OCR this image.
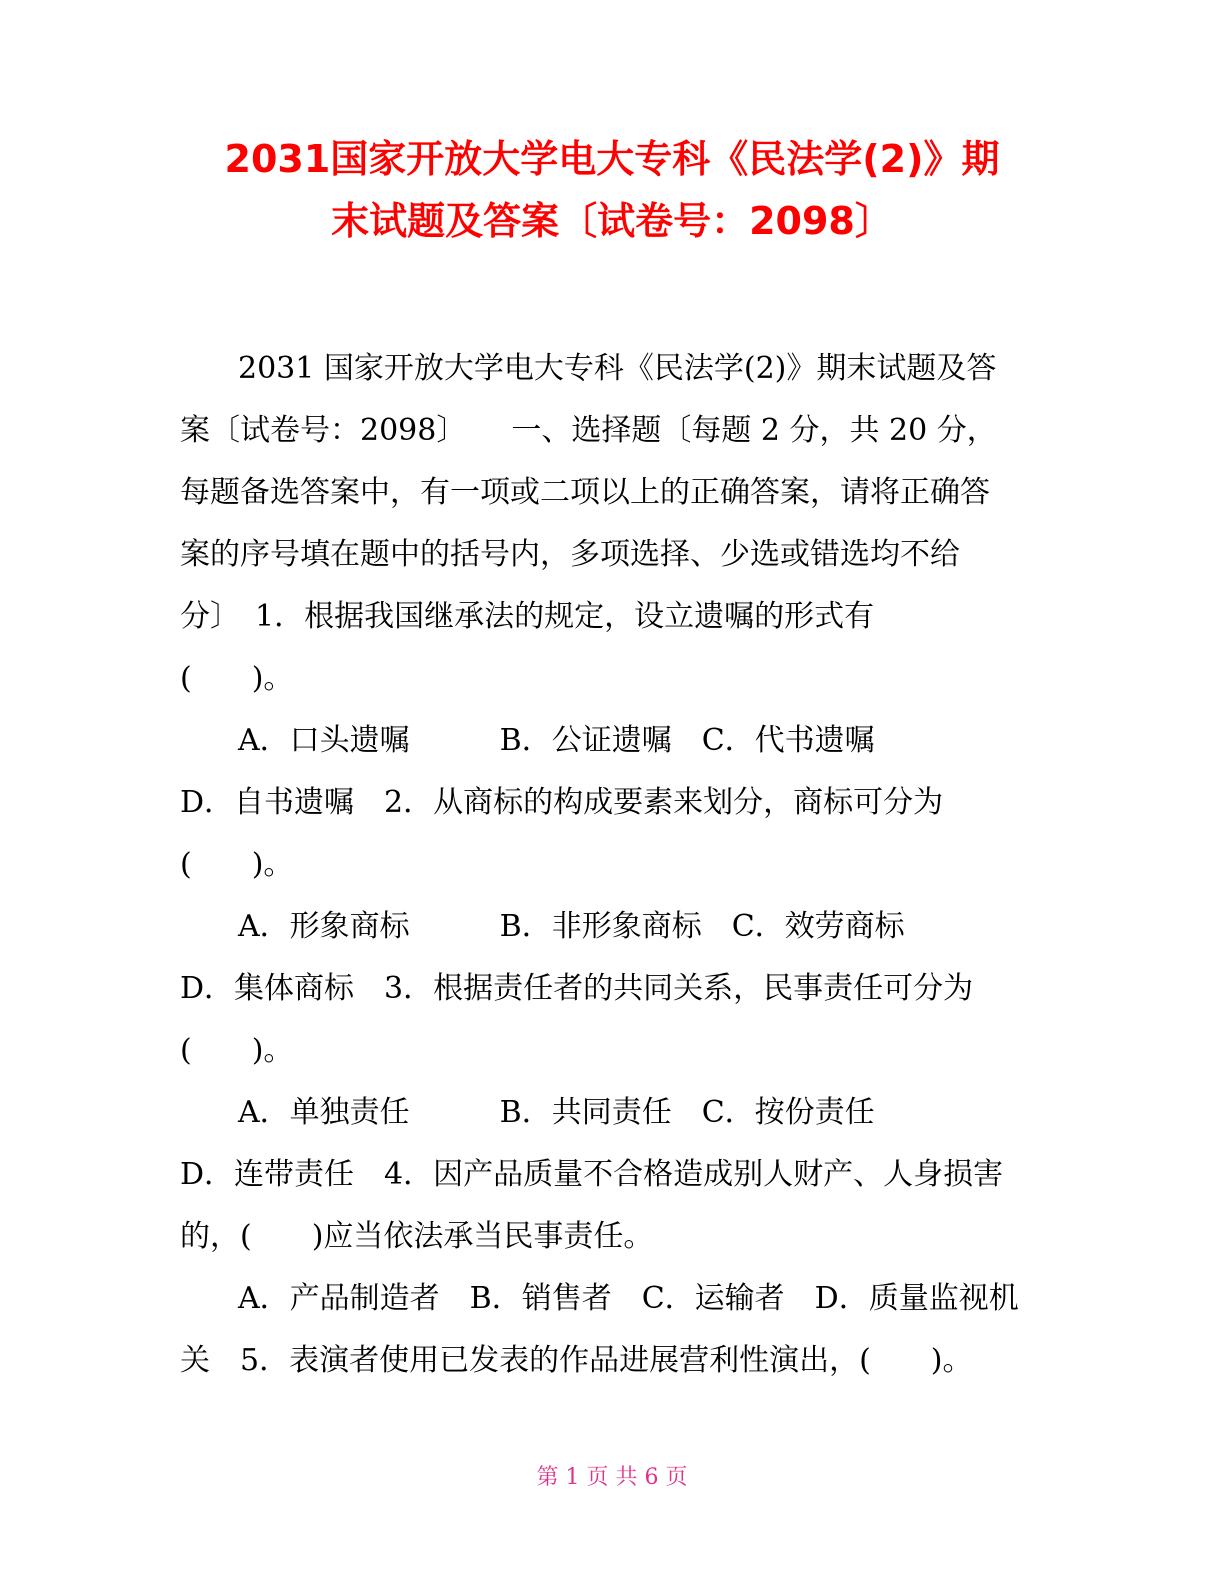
2031国家开放大学电大专科《民法学(2)》期
末试题及答案〔试卷号：2098〕
2031 国家开放大学电大专科《民法学(2)》期末试题及答
案〔试卷号：2098〕　　一、选择题〔每题 2 分，共 20 分，
每题备选答案中，有一项或二项以上的正确答案，请将正确答
案的序号填在题中的括号内，多项选择、少选或错选均不给
分〕　1．根据我国继承法的规定，设立遗嘱的形式有
(　　)。
A．口头遗嘱　　　B．公证遗嘱　C．代书遗嘱
D．自书遗嘱　2．从商标的构成要素来划分，商标可分为
(　　)。
A．形象商标　　　B．非形象商标　C．效劳商标
D．集体商标　3．根据责任者的共同关系，民事责任可分为
(　　)。
A．单独责任　　　B．共同责任　C．按份责任
D．连带责任　4．因产品质量不合格造成别人财产、人身损害
的，(　　)应当依法承当民事责任。
A．产品制造者　B．销售者　C．运输者　D．质量监视机
关　5．表演者使用已发表的作品进展营利性演出，(　　)。
第 1 页 共 6 页
